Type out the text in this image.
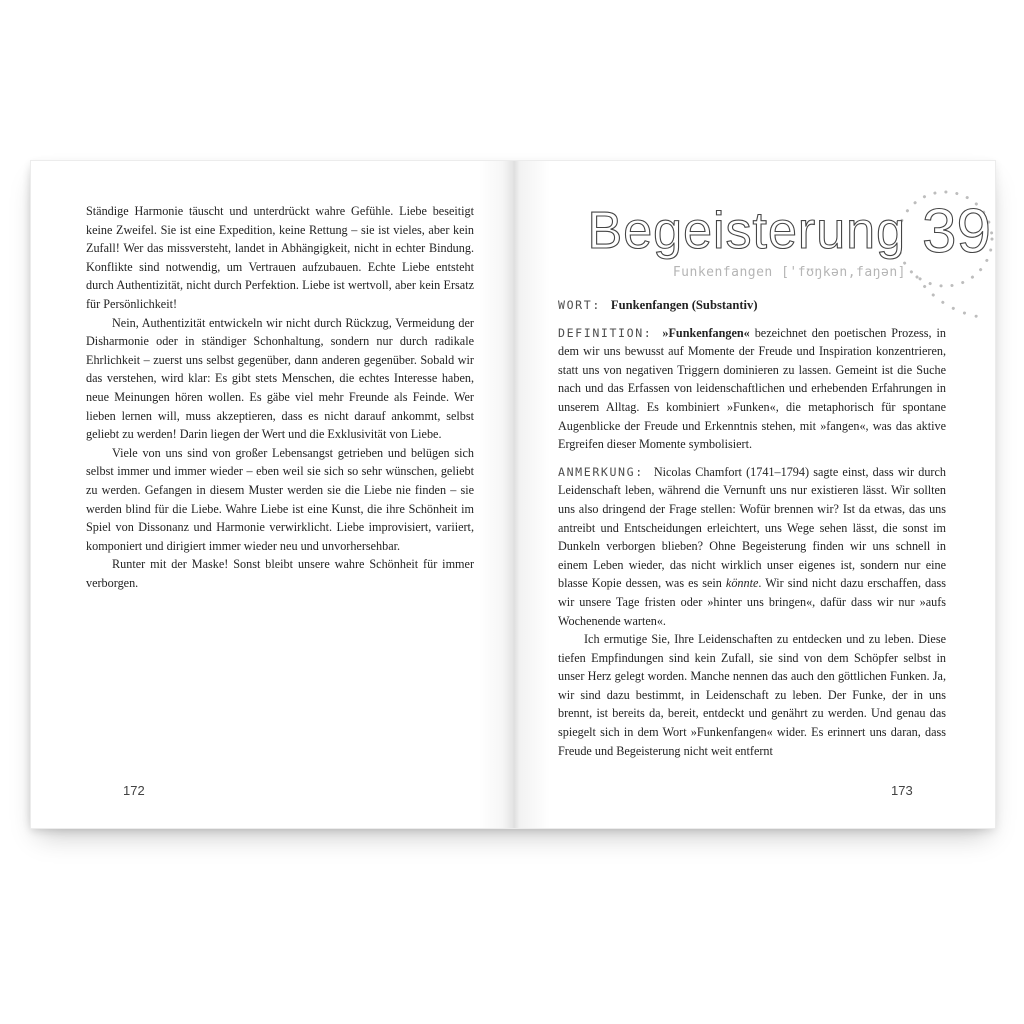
Ständige Harmonie täuscht und unterdrückt wahre Gefühle. Liebe beseitigt keine Zweifel. Sie ist eine Expedition, keine Rettung – sie ist vieles, aber kein Zufall! Wer das missversteht, landet in Abhängigkeit, nicht in echter Bindung. Konflikte sind notwendig, um Vertrauen aufzubauen. Echte Liebe entsteht durch Authentizität, nicht durch Perfektion. Liebe ist wertvoll, aber kein Ersatz für Persönlichkeit!

Nein, Authentizität entwickeln wir nicht durch Rückzug, Vermeidung der Disharmonie oder in ständiger Schonhaltung, sondern nur durch radikale Ehrlichkeit – zuerst uns selbst gegenüber, dann anderen gegenüber. Sobald wir das verstehen, wird klar: Es gibt stets Menschen, die echtes Interesse haben, neue Meinungen hören wollen. Es gäbe viel mehr Freunde als Feinde. Wer lieben lernen will, muss akzeptieren, dass es nicht darauf ankommt, selbst geliebt zu werden! Darin liegen der Wert und die Exklusivität von Liebe.

Viele von uns sind von großer Lebensangst getrieben und belügen sich selbst immer und immer wieder – eben weil sie sich so sehr wünschen, geliebt zu werden. Gefangen in diesem Muster werden sie die Liebe nie finden – sie werden blind für die Liebe. Wahre Liebe ist eine Kunst, die ihre Schönheit im Spiel von Dissonanz und Harmonie verwirklicht. Liebe improvisiert, variiert, komponiert und dirigiert immer wieder neu und unvorhersehbar.

Runter mit der Maske! Sonst bleibt unsere wahre Schönheit für immer verborgen.

172
Begeisterung
Funkenfangen ['fʊŋkən,faŋən]
39
WORT: Funkenfangen (Substantiv)

DEFINITION: »Funkenfangen« bezeichnet den poetischen Prozess, in dem wir uns bewusst auf Momente der Freude und Inspiration konzentrieren, statt uns von negativen Triggern dominieren zu lassen. Gemeint ist die Suche nach und das Erfassen von leidenschaftlichen und erhebenden Erfahrungen in unserem Alltag. Es kombiniert »Funken«, die metaphorisch für spontane Augenblicke der Freude und Erkenntnis stehen, mit »fangen«, was das aktive Ergreifen dieser Momente symbolisiert.

ANMERKUNG: Nicolas Chamfort (1741–1794) sagte einst, dass wir durch Leidenschaft leben, während die Vernunft uns nur existieren lässt. Wir sollten uns also dringend der Frage stellen: Wofür brennen wir? Ist da etwas, das uns antreibt und Entscheidungen erleichtert, uns Wege sehen lässt, die sonst im Dunkeln verborgen blieben? Ohne Begeisterung finden wir uns schnell in einem Leben wieder, das nicht wirklich unser eigenes ist, sondern nur eine blasse Kopie dessen, was es sein könnte. Wir sind nicht dazu erschaffen, dass wir unsere Tage fristen oder »hinter uns bringen«, dafür dass wir nur »aufs Wochenende warten«.

Ich ermutige Sie, Ihre Leidenschaften zu entdecken und zu leben. Diese tiefen Empfindungen sind kein Zufall, sie sind von dem Schöpfer selbst in unser Herz gelegt worden. Manche nennen das auch den göttlichen Funken. Ja, wir sind dazu bestimmt, in Leidenschaft zu leben. Der Funke, der in uns brennt, ist bereits da, bereit, entdeckt und genährt zu werden. Und genau das spiegelt sich in dem Wort »Funkenfangen« wider. Es erinnert uns daran, dass Freude und Begeisterung nicht weit entfernt

173
